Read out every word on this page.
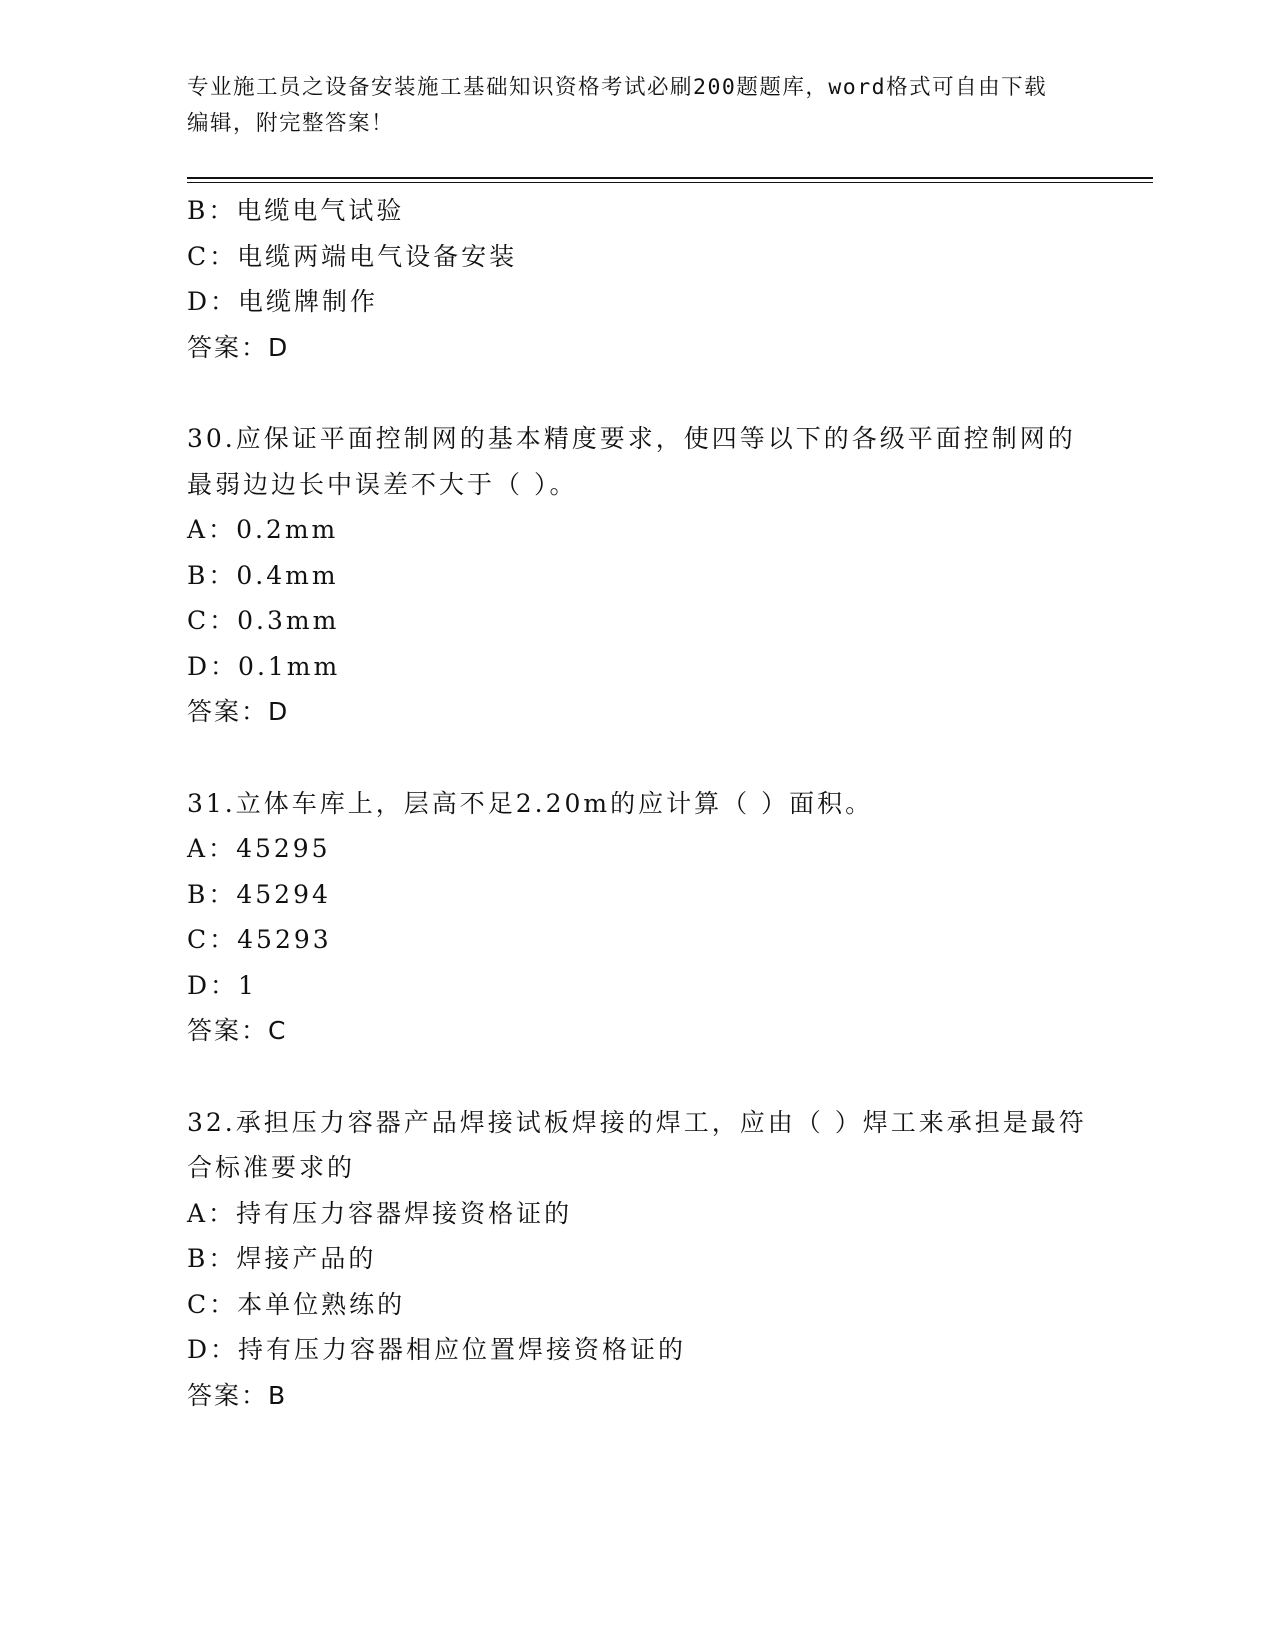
专业施工员之设备安装施工基础知识资格考试必刷200题题库，word格式可自由下载编辑，附完整答案！
B：电缆电气试验
C：电缆两端电气设备安装
D：电缆牌制作
答案：D
30.应保证平面控制网的基本精度要求，使四等以下的各级平面控制网的最弱边边长中误差不大于（ ）。
A：0.2mm
B：0.4mm
C：0.3mm
D：0.1mm
答案：D
31.立体车库上，层高不足2.20m的应计算（ ）面积。
A：45295
B：45294
C：45293
D：1
答案：C
32.承担压力容器产品焊接试板焊接的焊工，应由（ ）焊工来承担是最符合标准要求的
A：持有压力容器焊接资格证的
B：焊接产品的
C：本单位熟练的
D：持有压力容器相应位置焊接资格证的
答案：B
